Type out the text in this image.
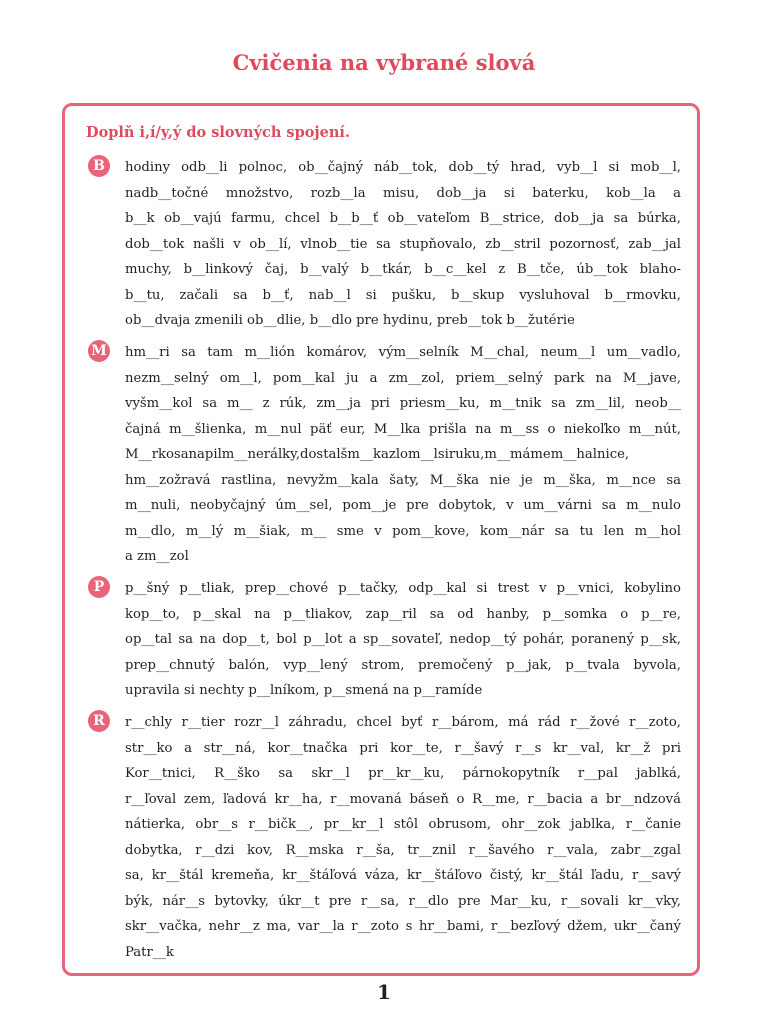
Cvičenia na vybrané slová
Doplň i,í/y,ý do slovných spojení.
B	hodiny odb__li polnoc, ob__čajný náb__tok, dob__tý hrad, vyb__l si mob__l,
nadb__točné množstvo, rozb__la misu, dob__ja si baterku, kob__la a
b__k ob__vajú farmu, chcel b__b__ť ob__vateľom B__strice, dob__ja sa búrka,
dob__tok našli v ob__lí, vlnob__tie sa stupňovalo, zb__stril pozornosť, zab__jal
muchy, b__linkový čaj, b__valý b__tkár, b__c__kel z B__tče, úb__tok blaho-
b__tu, začali sa b__ť, nab__l si pušku, b__skup vysluhoval b__rmovku,
ob__dvaja zmenili ob__dlie, b__dlo pre hydinu, preb__tok b__žutérie
M hm__ri sa tam m__lión komárov, vým__selník M__chal, neum__l um__vadlo,
nezm__selný om__l, pom__kal ju a zm__zol, priem__selný park na M__jave,
vyšm__kol sa m__ z rúk, zm__ja pri priesm__ku, m__tnik sa zm__lil, neob__
čajná m__šlienka, m__nul päť eur, M__lka prišla na m__ss o niekoľko m__nút,
M__rkosanapilm__nerálky,dostalšm__kazlom__lsiruku,m__mámem__halnice,
hm__zožravá rastlina, nevyžm__kala šaty, M__ška nie je m__ška, m__nce sa
m__nuli, neobyčajný úm__sel, pom__je pre dobytok, v um__várni sa m__nulo
m__dlo, m__lý m__šiak, m__ sme v pom__kove, kom__nár sa tu len m__hol
a zm__zol
P	p__šný p__tliak, prep__chové p__tačky, odp__kal si trest v p__vnici, kobylino
kop__to, p__skal na p__tliakov, zap__ril sa od hanby, p__somka o p__re,
op__tal sa na dop__t, bol p__lot a sp__sovateľ, nedop__tý pohár, poranený p__sk,
prep__chnutý balón, vyp__lený strom, premočený p__jak, p__tvala byvola,
upravila si nechty p__lníkom, p__smená na p__ramíde
R	r__chly r__tier rozr__l záhradu, chcel byť r__bárom, má rád r__žové r__zoto,
str__ko a str__ná, kor__tnačka pri kor__te, r__šavý r__s kr__val, kr__ž pri
Kor__tnici, R__ško sa skr__l pr__kr__ku, párnokopytník r__pal jablká,
r__ľoval zem, ľadová kr__ha, r__movaná báseň o R__me, r__bacia a br__ndzová
nátierka, obr__s r__bičk__, pr__kr__l stôl obrusom, ohr__zok jablka, r__čanie
dobytka, r__dzi kov, R__mska r__ša, tr__znil r__šavého r__vala, zabr__zgal
sa, kr__štál kremeňa, kr__štáľová váza, kr__štáľovo čistý, kr__štál ľadu, r__savý
býk, nár__s bytovky, úkr__t pre r__sa, r__dlo pre Mar__ku, r__sovali kr__vky,
skr__vačka, nehr__z ma, var__la r__zoto s hr__bami, r__bezľový džem, ukr__čaný
Patr__k
1
